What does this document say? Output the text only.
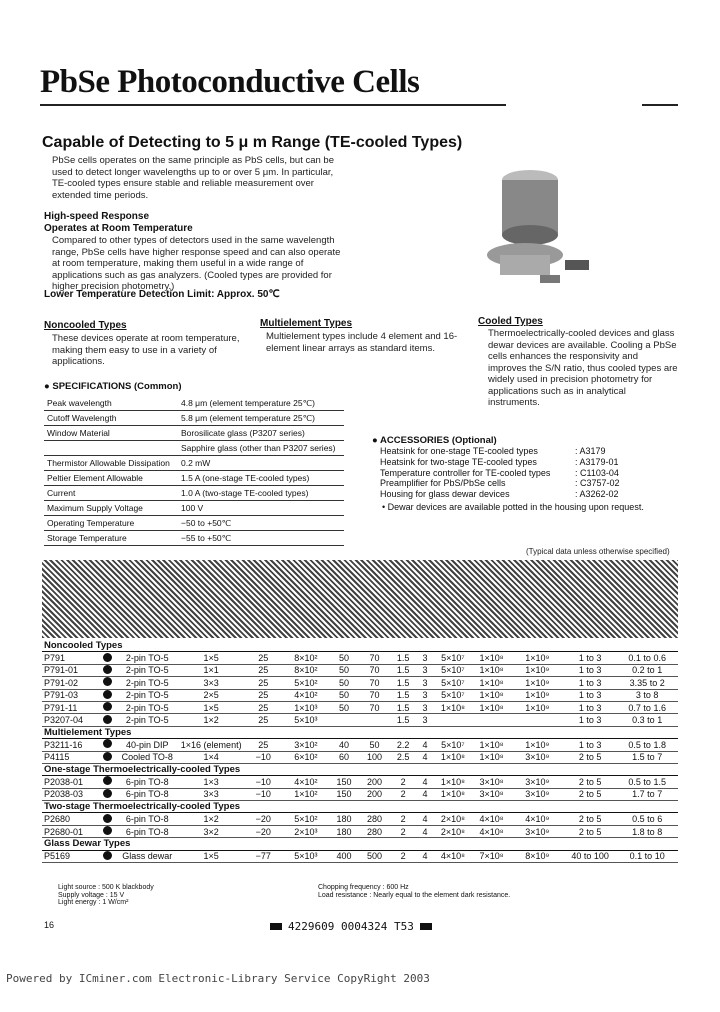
PbSe Photoconductive Cells
Capable of Detecting to 5 μ m Range (TE-cooled Types)
PbSe cells operates on the same principle as PbS cells, but can be used to detect longer wavelengths up to or over 5 μm. In particular, TE-cooled types ensure stable and reliable measurement over extended time periods.
High-speed Response
Operates at Room Temperature
Compared to other types of detectors used in the same wavelength range, PbSe cells have higher response speed and can also operate at room temperature, making them useful in a wide range of applications such as gas analyzers. (Cooled types are provided for higher precision photometry.)
Lower Temperature Detection Limit: Approx. 50℃
Noncooled Types
These devices operate at room temperature, making them easy to use in a variety of applications.
Multielement Types
Multielement types include 4 element and 16-element linear arrays as standard items.
Cooled Types
Thermoelectrically-cooled devices and glass dewar devices are available. Cooling a PbSe cells enhances the responsivity and improves the S/N ratio, thus cooled types are widely used in precision photometry for applications such as in analytical instruments.
● SPECIFICATIONS (Common)
Peak wavelength	4.8 μm (element temperature 25℃)
Cutoff Wavelength	5.8 μm (element temperature 25℃)
Window Material	Borosilicate glass (P3207 series)
	Sapphire glass (other than P3207 series)
Thermistor Allowable Dissipation	0.2 mW
Peltier Element Allowable	1.5 A (one-stage TE-cooled types)
Current	1.0 A (two-stage TE-cooled types)
Maximum Supply Voltage	100 V
Operating Temperature	−50 to +50℃
Storage Temperature	−55 to +50℃
● ACCESSORIES (Optional)
Heatsink for one-stage TE-cooled types	: A3179
Heatsink for two-stage TE-cooled types	: A3179-01
Temperature controller for TE-cooled types	: C1103-04
Preamplifier for PbS/PbSe cells	: C3757-02
Housing for glass dewar devices	: A3262-02
• Dewar devices are available potted in the housing upon request.
(Typical data unless otherwise specified)
Noncooled Types														
P791		2-pin TO-5	1×5	25	8×10²	50	70	1.5	3	5×10⁷	1×10⁸	1×10⁹	1 to 3	0.1 to 0.6
P791-01		2-pin TO-5	1×1	25	8×10²	50	70	1.5	3	5×10⁷	1×10⁸	1×10⁹	1 to 3	0.2 to 1
P791-02		2-pin TO-5	3×3	25	5×10²	50	70	1.5	3	5×10⁷	1×10⁸	1×10⁹	1 to 3	3.35 to 2
P791-03		2-pin TO-5	2×5	25	4×10²	50	70	1.5	3	5×10⁷	1×10⁸	1×10⁹	1 to 3	3 to 8
P791-11		2-pin TO-5	1×5	25	1×10³	50	70	1.5	3	1×10⁸	1×10⁸	1×10⁹	1 to 3	0.7 to 1.6
P3207-04		2-pin TO-5	1×2	25	5×10³			1.5	3				1 to 3	0.3 to 1
Multielement Types														
P3211-16		40-pin DIP	1×16 (element)	25	3×10²	40	50	2.2	4	5×10⁷	1×10⁸	1×10⁹	1 to 3	0.5 to 1.8
P4115		Cooled TO-8	1×4	−10	6×10²	60	100	2.5	4	1×10⁸	1×10⁸	3×10⁹	2 to 5	1.5 to 7
One-stage Thermoelectrically-cooled Types														
P2038-01		6-pin TO-8	1×3	−10	4×10²	150	200	2	4	1×10⁸	3×10⁸	3×10⁹	2 to 5	0.5 to 1.5
P2038-03		6-pin TO-8	3×3	−10	1×10²	150	200	2	4	1×10⁸	3×10⁸	3×10⁹	2 to 5	1.7 to 7
Two-stage Thermoelectrically-cooled Types														
P2680		6-pin TO-8	1×2	−20	5×10²	180	280	2	4	2×10⁸	4×10⁸	4×10⁹	2 to 5	0.5 to 6
P2680-01		6-pin TO-8	3×2	−20	2×10³	180	280	2	4	2×10⁸	4×10⁸	3×10⁹	2 to 5	1.8 to 8
Glass Dewar Types														
P5169		Glass dewar	1×5	−77	5×10³	400	500	2	4	4×10⁸	7×10⁸	8×10⁹	40 to 100	0.1 to 10
Light source : 500 K blackbody
Supply voltage : 15 V
Light energy : 1 W/cm²
Chopping frequency : 600 Hz
Load resistance : Nearly equal to the element dark resistance.
16	4229609 0004324 T53
Powered by ICminer.com Electronic-Library Service CopyRight 2003
